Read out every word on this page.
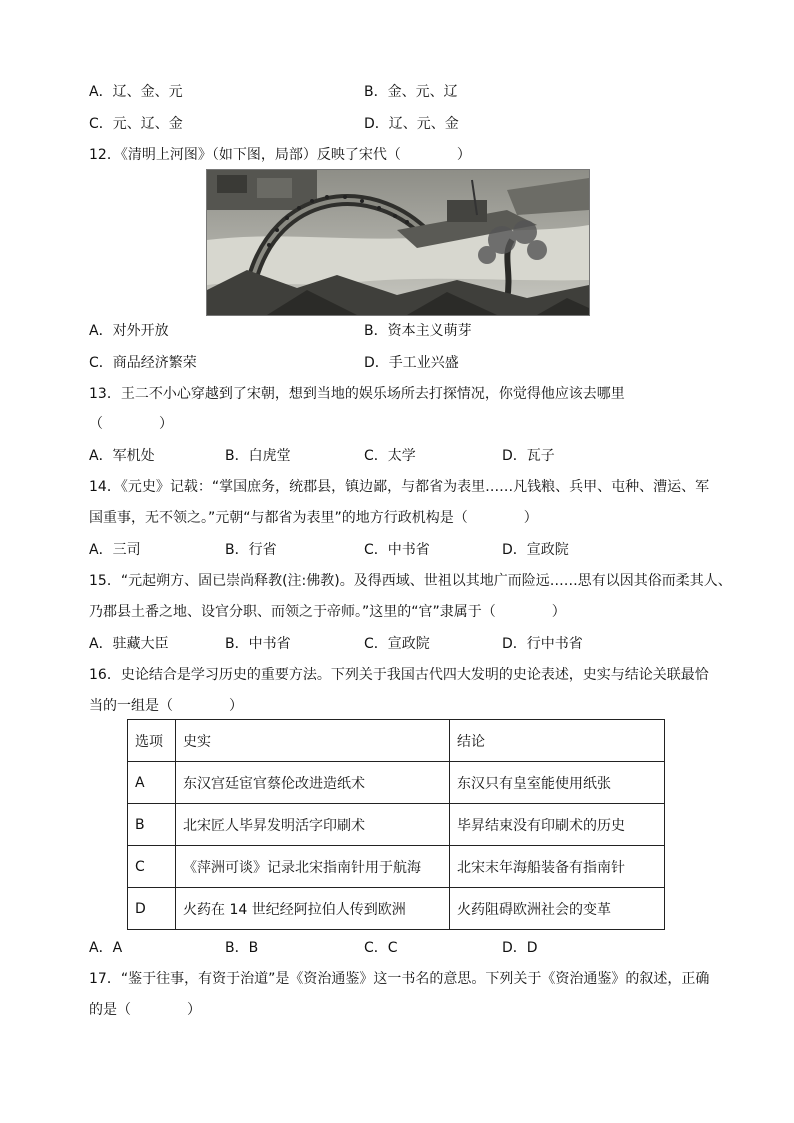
A．辽、金、元	B．金、元、辽
C．元、辽、金	D．辽、元、金
12．《清明上河图》（如下图，局部）反映了宋代（　　　　）
A．对外开放	B．资本主义萌芽
C．商品经济繁荣	D．手工业兴盛
13．王二不小心穿越到了宋朝，想到当地的娱乐场所去打探情况，你觉得他应该去哪里
（　　　　）
A．军机处	B．白虎堂	C．太学	D．瓦子
14．《元史》记载：“掌国庶务，统郡县，镇边鄙，与都省为表里……凡钱粮、兵甲、屯种、漕运、军
国重事，无不领之。”元朝“与都省为表里”的地方行政机构是（　　　　）
A．三司	B．行省	C．中书省	D．宣政院
15．“元起朔方、固已崇尚释教(注:佛教)。及得西域、世祖以其地广而险远……思有以因其俗而柔其人、
乃郡县土番之地、设官分职、而领之于帝师。”这里的“官”隶属于（　　　　）
A．驻藏大臣	B．中书省	C．宣政院	D．行中书省
16．史论结合是学习历史的重要方法。下列关于我国古代四大发明的史论表述，史实与结论关联最恰
当的一组是（　　　　）
选项	史实	结论
A	东汉宫廷宦官蔡伦改进造纸术	东汉只有皇室能使用纸张
B	北宋匠人毕昇发明活字印刷术	毕昇结束没有印刷术的历史
C	《萍洲可谈》记录北宋指南针用于航海	北宋末年海船装备有指南针
D	火药在 14 世纪经阿拉伯人传到欧洲	火药阻碍欧洲社会的变革
A．A	B．B	C．C	D．D
17．“鉴于往事，有资于治道”是《资治通鉴》这一书名的意思。下列关于《资治通鉴》的叙述，正确
的是（　　　　）
